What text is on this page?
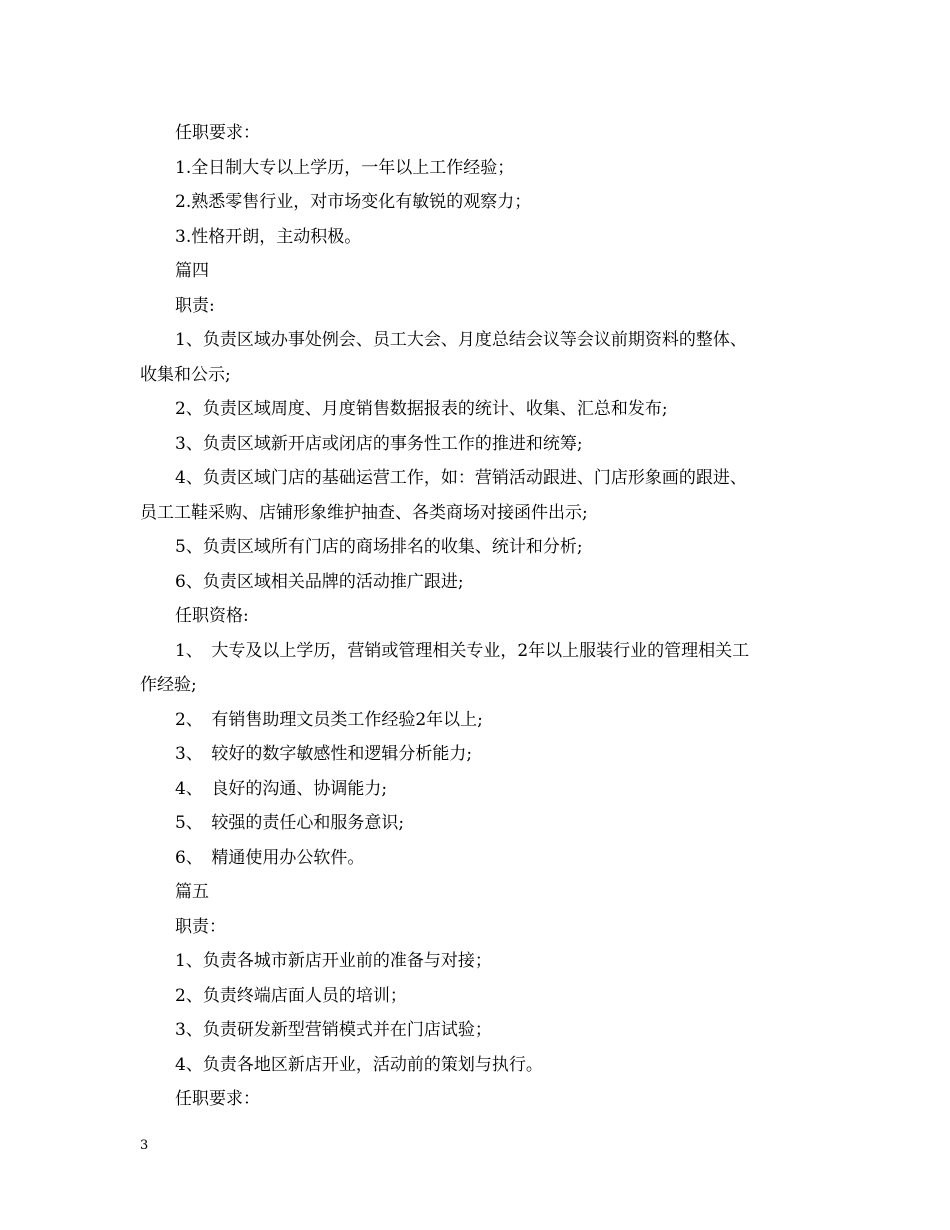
任职要求：
1.全日制大专以上学历，一年以上工作经验；
2.熟悉零售行业，对市场变化有敏锐的观察力；
3.性格开朗，主动积极。
篇四
职责:
1、负责区域办事处例会、员工大会、月度总结会议等会议前期资料的整体、
收集和公示;
2、负责区域周度、月度销售数据报表的统计、收集、汇总和发布;
3、负责区域新开店或闭店的事务性工作的推进和统筹;
4、负责区域门店的基础运营工作，如：营销活动跟进、门店形象画的跟进、
员工工鞋采购、店铺形象维护抽查、各类商场对接函件出示;
5、负责区域所有门店的商场排名的收集、统计和分析;
6、负责区域相关品牌的活动推广跟进;
任职资格:
1、　大专及以上学历，营销或管理相关专业，2年以上服装行业的管理相关工
作经验;
2、　有销售助理文员类工作经验2年以上;
3、　较好的数字敏感性和逻辑分析能力;
4、　良好的沟通、协调能力;
5、　较强的责任心和服务意识;
6、　精通使用办公软件。
篇五
职责：
1、负责各城市新店开业前的准备与对接；
2、负责终端店面人员的培训；
3、负责研发新型营销模式并在门店试验；
4、负责各地区新店开业，活动前的策划与执行。
任职要求：
3
